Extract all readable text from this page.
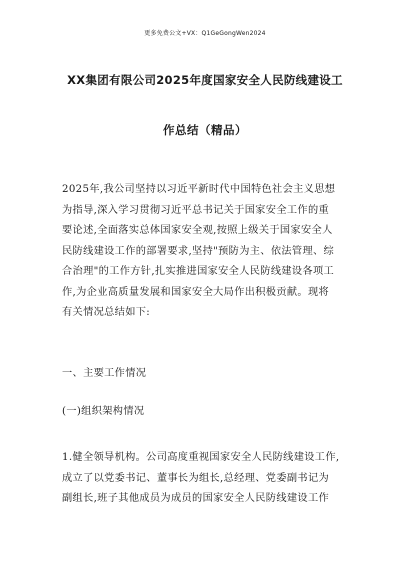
更多免费公文+VX：Q1GeGongWen2024
XX集团有限公司2025年度国家安全人民防线建设工
作总结（精品）
2025年,我公司坚持以习近平新时代中国特色社会主义思想
为指导,深入学习贯彻习近平总书记关于国家安全工作的重
要论述,全面落实总体国家安全观,按照上级关于国家安全人
民防线建设工作的部署要求,坚持"预防为主、依法管理、综
合治理"的工作方针,扎实推进国家安全人民防线建设各项工
作,为企业高质量发展和国家安全大局作出积极贡献。现将
有关情况总结如下:
一、主要工作情况
(一)组织架构情况
1.健全领导机构。公司高度重视国家安全人民防线建设工作,
成立了以党委书记、董事长为组长,总经理、党委副书记为
副组长,班子其他成员为成员的国家安全人民防线建设工作
